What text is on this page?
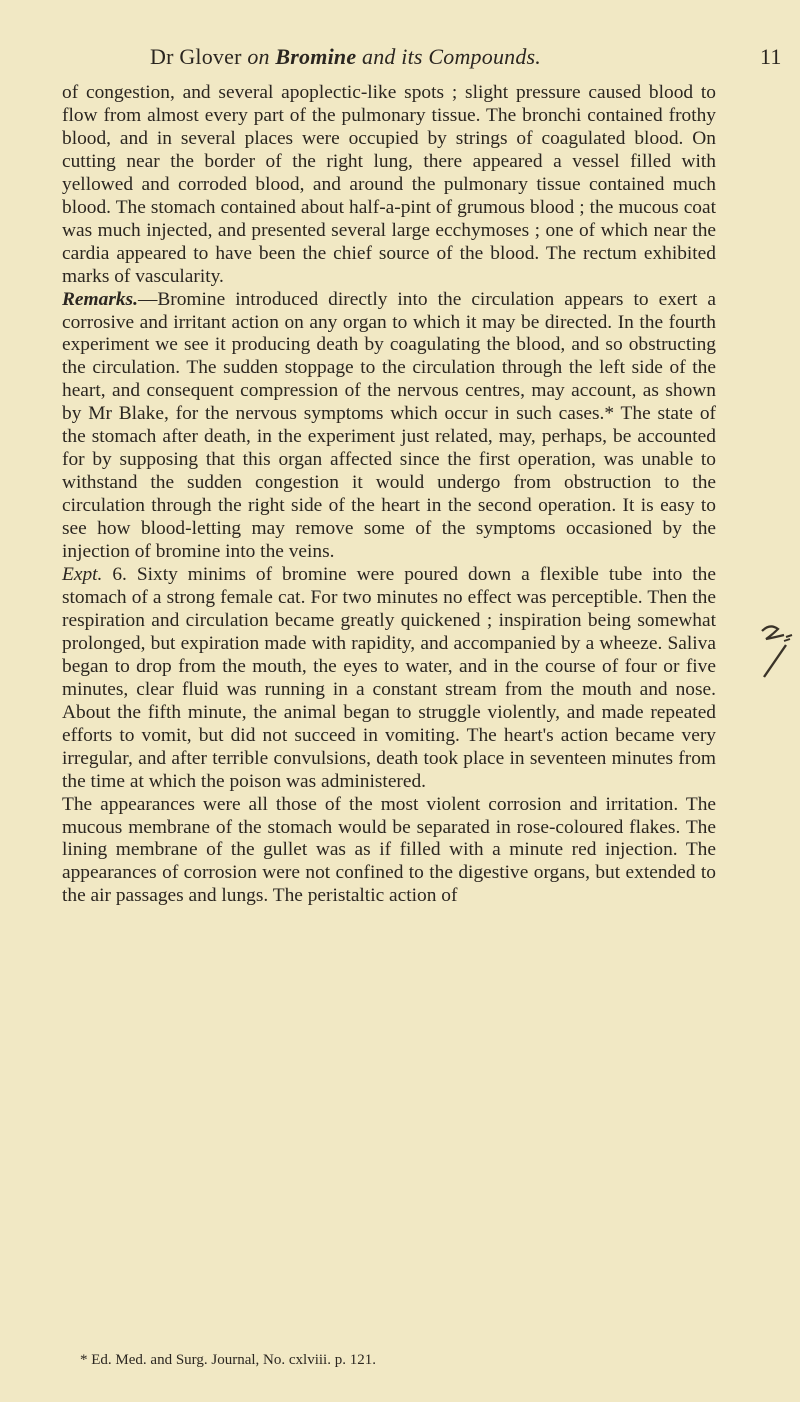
Dr Glover on Bromine and its Compounds.	11

of congestion, and several apoplectic-like spots ; slight pressure caused blood to flow from almost every part of the pulmonary tissue. The bronchi contained frothy blood, and in several places were occupied by strings of coagulated blood. On cutting near the border of the right lung, there appeared a vessel filled with yellowed and corroded blood, and around the pulmonary tissue contained much blood. The stomach contained about half-a-pint of grumous blood ; the mucous coat was much injected, and presented several large ecchymoses ; one of which near the cardia appeared to have been the chief source of the blood. The rectum exhibited marks of vascularity.

Remarks.—Bromine introduced directly into the circulation appears to exert a corrosive and irritant action on any organ to which it may be directed. In the fourth experiment we see it producing death by coagulating the blood, and so obstructing the circulation. The sudden stoppage to the circulation through the left side of the heart, and consequent compression of the nervous centres, may account, as shown by Mr Blake, for the nervous symptoms which occur in such cases.* The state of the stomach after death, in the experiment just related, may, perhaps, be accounted for by supposing that this organ affected since the first operation, was unable to withstand the sudden congestion it would undergo from obstruction to the circulation through the right side of the heart in the second operation. It is easy to see how blood-letting may remove some of the symptoms occasioned by the injection of bromine into the veins.

Expt. 6. Sixty minims of bromine were poured down a flexible tube into the stomach of a strong female cat. For two minutes no effect was perceptible. Then the respiration and circulation became greatly quickened ; inspiration being somewhat prolonged, but expiration made with rapidity, and accompanied by a wheeze. Saliva began to drop from the mouth, the eyes to water, and in the course of four or five minutes, clear fluid was running in a constant stream from the mouth and nose. About the fifth minute, the animal began to struggle violently, and made repeated efforts to vomit, but did not succeed in vomiting. The heart's action became very irregular, and after terrible convulsions, death took place in seventeen minutes from the time at which the poison was administered.

The appearances were all those of the most violent corrosion and irritation. The mucous membrane of the stomach would be separated in rose-coloured flakes. The lining membrane of the gullet was as if filled with a minute red injection. The appearances of corrosion were not confined to the digestive organs, but extended to the air passages and lungs. The peristaltic action of

* Ed. Med. and Surg. Journal, No. cxlviii. p. 121.
